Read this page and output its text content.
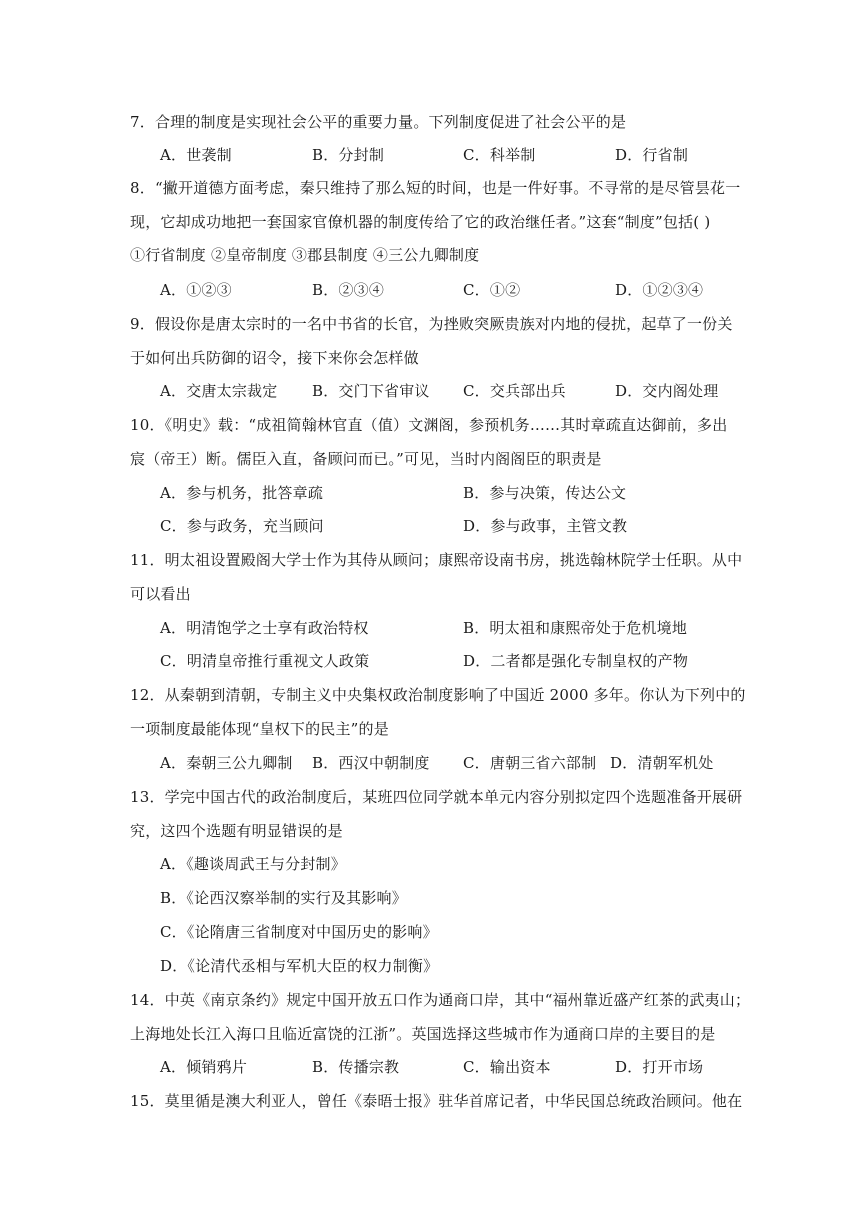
7．合理的制度是实现社会公平的重要力量。下列制度促进了社会公平的是
A．世袭制	B．分封制	C．科举制	D．行省制
8．“撇开道德方面考虑，秦只维持了那么短的时间，也是一件好事。不寻常的是尽管昙花一
现，它却成功地把一套国家官僚机器的制度传给了它的政治继任者。”这套“制度”包括( )
①行省制度 ②皇帝制度 ③郡县制度 ④三公九卿制度
A．①②③	B．②③④	C．①②	D．①②③④
9．假设你是唐太宗时的一名中书省的长官，为挫败突厥贵族对内地的侵扰，起草了一份关
于如何出兵防御的诏令，接下来你会怎样做
A．交唐太宗裁定 B．交门下省审议 C．交兵部出兵	D．交内阁处理
10．《明史》载：“成祖简翰林官直（值）文渊阁，参预机务……其时章疏直达御前，多出
宸（帝王）断。儒臣入直，备顾问而已。”可见，当时内阁阁臣的职责是
A．参与机务，批答章疏	B．参与决策，传达公文
C．参与政务，充当顾问	D．参与政事，主管文教
11．明太祖设置殿阁大学士作为其侍从顾问；康熙帝设南书房，挑选翰林院学士任职。从中
可以看出
A．明清饱学之士享有政治特权	B．明太祖和康熙帝处于危机境地
C．明清皇帝推行重视文人政策	D．二者都是强化专制皇权的产物
12．从秦朝到清朝，专制主义中央集权政治制度影响了中国近 2000 多年。你认为下列中的
一项制度最能体现“皇权下的民主”的是
A．秦朝三公九卿制 B．西汉中朝制度 C．唐朝三省六部制 D．清朝军机处
13．学完中国古代的政治制度后，某班四位同学就本单元内容分别拟定四个选题准备开展研
究，这四个选题有明显错误的是
A．《趣谈周武王与分封制》
B．《论西汉察举制的实行及其影响》
C．《论隋唐三省制度对中国历史的影响》
D．《论清代丞相与军机大臣的权力制衡》
14．中英《南京条约》规定中国开放五口作为通商口岸，其中“福州靠近盛产红茶的武夷山；
上海地处长江入海口且临近富饶的江浙”。英国选择这些城市作为通商口岸的主要目的是
A．倾销鸦片	B．传播宗教	C．输出资本	D．打开市场
15．莫里循是澳大利亚人，曾任《泰晤士报》驻华首席记者，中华民国总统政治顾问。他在
